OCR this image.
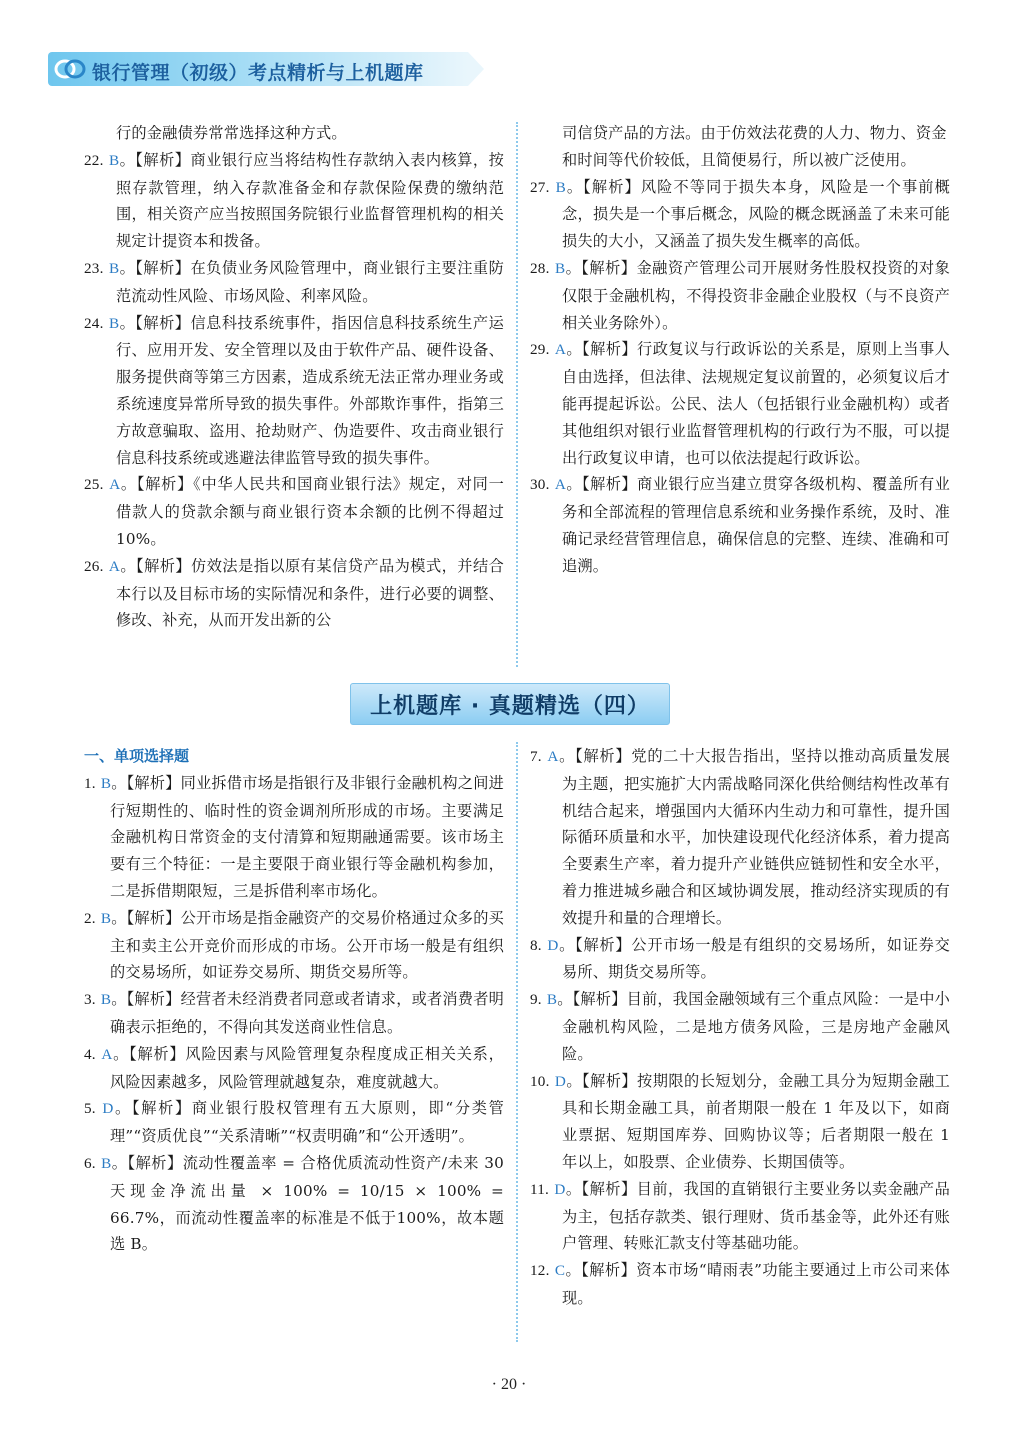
银行管理（初级）考点精析与上机题库

行的金融债券常常选择这种方式。

22. B。【解析】商业银行应当将结构性存款纳入表内核算，按照存款管理，纳入存款准备金和存款保险保费的缴纳范围，相关资产应当按照国务院银行业监督管理机构的相关规定计提资本和拨备。

23. B。【解析】在负债业务风险管理中，商业银行主要注重防范流动性风险、市场风险、利率风险。

24. B。【解析】信息科技系统事件，指因信息科技系统生产运行、应用开发、安全管理以及由于软件产品、硬件设备、服务提供商等第三方因素，造成系统无法正常办理业务或系统速度异常所导致的损失事件。外部欺诈事件，指第三方故意骗取、盗用、抢劫财产、伪造要件、攻击商业银行信息科技系统或逃避法律监管导致的损失事件。

25. A。【解析】《中华人民共和国商业银行法》规定，对同一借款人的贷款余额与商业银行资本余额的比例不得超过10%。

26. A。【解析】仿效法是指以原有某信贷产品为模式，并结合本行以及目标市场的实际情况和条件，进行必要的调整、修改、补充，从而开发出新的公

司信贷产品的方法。由于仿效法花费的人力、物力、资金和时间等代价较低，且简便易行，所以被广泛使用。

27. B。【解析】风险不等同于损失本身，风险是一个事前概念，损失是一个事后概念，风险的概念既涵盖了未来可能损失的大小，又涵盖了损失发生概率的高低。

28. B。【解析】金融资产管理公司开展财务性股权投资的对象仅限于金融机构，不得投资非金融企业股权（与不良资产相关业务除外）。

29. A。【解析】行政复议与行政诉讼的关系是，原则上当事人自由选择，但法律、法规规定复议前置的，必须复议后才能再提起诉讼。公民、法人（包括银行业金融机构）或者其他组织对银行业监督管理机构的行政行为不服，可以提出行政复议申请，也可以依法提起行政诉讼。

30. A。【解析】商业银行应当建立贯穿各级机构、覆盖所有业务和全部流程的管理信息系统和业务操作系统，及时、准确记录经营管理信息，确保信息的完整、连续、准确和可追溯。

上机题库 · 真题精选（四）

一、单项选择题

1. B。【解析】同业拆借市场是指银行及非银行金融机构之间进行短期性的、临时性的资金调剂所形成的市场。主要满足金融机构日常资金的支付清算和短期融通需要。该市场主要有三个特征：一是主要限于商业银行等金融机构参加，二是拆借期限短，三是拆借利率市场化。

2. B。【解析】公开市场是指金融资产的交易价格通过众多的买主和卖主公开竞价而形成的市场。公开市场一般是有组织的交易场所，如证券交易所、期货交易所等。

3. B。【解析】经营者未经消费者同意或者请求，或者消费者明确表示拒绝的，不得向其发送商业性信息。

4. A。【解析】风险因素与风险管理复杂程度成正相关关系，风险因素越多，风险管理就越复杂，难度就越大。

5. D。【解析】商业银行股权管理有五大原则，即“分类管理”“资质优良”“关系清晰”“权责明确”和“公开透明”。

6. B。【解析】流动性覆盖率 = 合格优质流动性资产/未来 30 天现金净流出量 × 100% = 10/15 × 100% = 66.7%，而流动性覆盖率的标准是不低于100%，故本题选 B。

7. A。【解析】党的二十大报告指出，坚持以推动高质量发展为主题，把实施扩大内需战略同深化供给侧结构性改革有机结合起来，增强国内大循环内生动力和可靠性，提升国际循环质量和水平，加快建设现代化经济体系，着力提高全要素生产率，着力提升产业链供应链韧性和安全水平，着力推进城乡融合和区域协调发展，推动经济实现质的有效提升和量的合理增长。

8. D。【解析】公开市场一般是有组织的交易场所，如证券交易所、期货交易所等。

9. B。【解析】目前，我国金融领域有三个重点风险：一是中小金融机构风险，二是地方债务风险，三是房地产金融风险。

10. D。【解析】按期限的长短划分，金融工具分为短期金融工具和长期金融工具，前者期限一般在 1 年及以下，如商业票据、短期国库券、回购协议等；后者期限一般在 1 年以上，如股票、企业债券、长期国债等。

11. D。【解析】目前，我国的直销银行主要业务以卖金融产品为主，包括存款类、银行理财、货币基金等，此外还有账户管理、转账汇款支付等基础功能。

12. C。【解析】资本市场“晴雨表”功能主要通过上市公司来体现。

· 20 ·
